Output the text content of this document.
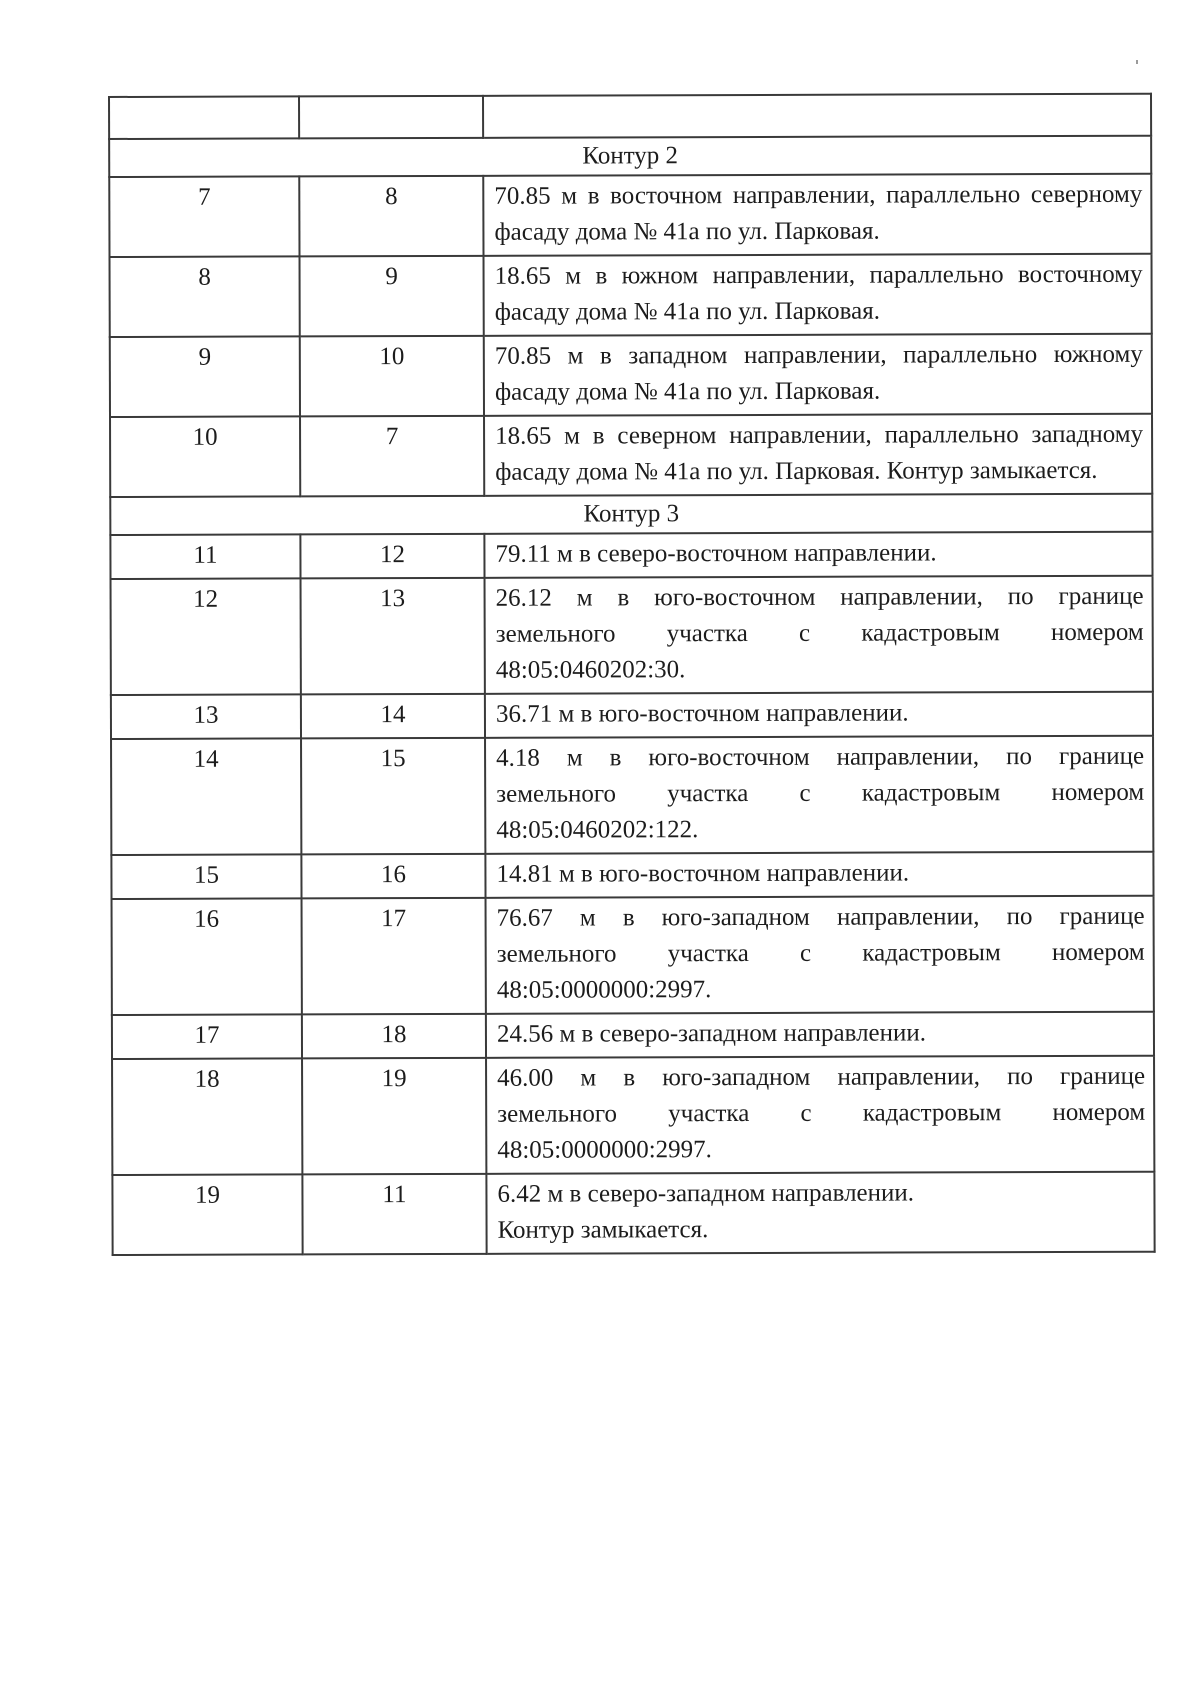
Контур 2		
7	8	70.85 м в восточном направлении, параллельно северному фасаду дома № 41а по ул. Парковая.
8	9	18.65 м в южном направлении, параллельно восточному фасаду дома № 41а по ул. Парковая.
9	10	70.85 м в западном направлении, параллельно южному фасаду дома № 41а по ул. Парковая.
10	7	18.65 м в северном направлении, параллельно западному фасаду дома № 41а по ул. Парковая. Контур замыкается.
Контур 3		
11	12	79.11 м в северо-восточном направлении.
12	13	26.12 м в юго-восточном направлении, по границе земельного участка с кадастровым номером 48:05:0460202:30.
13	14	36.71 м в юго-восточном направлении.
14	15	4.18 м в юго-восточном направлении, по границе земельного участка с кадастровым номером 48:05:0460202:122.
15	16	14.81 м в юго-восточном направлении.
16	17	76.67 м в юго-западном направлении, по границе земельного участка с кадастровым номером 48:05:0000000:2997.
17	18	24.56 м в северо-западном направлении.
18	19	46.00 м в юго-западном направлении, по границе земельного участка с кадастровым номером 48:05:0000000:2997.
19	11	6.42 м в северо-западном направлении.
Контур замыкается.
